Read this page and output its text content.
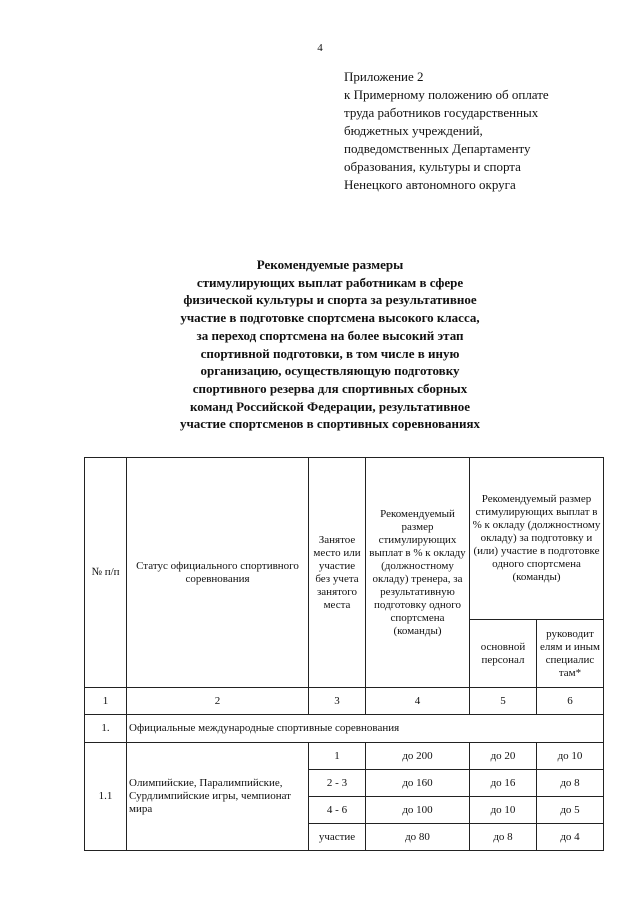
4
Приложение 2
к Примерному положению об оплате
труда работников государственных
бюджетных учреждений,
подведомственных Департаменту
образования, культуры и спорта
Ненецкого автономного округа
Рекомендуемые размеры
стимулирующих выплат работникам в сфере
физической культуры и спорта за результативное
участие в подготовке спортсмена высокого класса,
за переход спортсмена на более высокий этап
спортивной подготовки, в том числе в иную
организацию, осуществляющую подготовку
спортивного резерва для спортивных сборных
команд Российской Федерации, результативное
участие спортсменов в спортивных соревнованиях
№ п/п	Статус официального спортивного соревнования	Занятое место или участие без учета занятого места	Рекомендуемый размер стимулирующих выплат в % к окладу (должностному окладу) тренера, за результативную подготовку одного спортсмена (команды)	Рекомендуемый размер стимулирующих выплат в % к окладу (должностному окладу) за подготовку и (или) участие в подготовке одного спортсмена (команды)	
				основной персонал	руководит елям и иным специалис там*
1	2	3	4	5	6
1.	Официальные международные спортивные соревнования				
1.1	Олимпийские, Паралимпийские, Сурдлимпийские игры, чемпионат мира	1	до 200	до 20	до 10
		2 - 3	до 160	до 16	до 8
		4 - 6	до 100	до 10	до 5
		участие	до 80	до 8	до 4
